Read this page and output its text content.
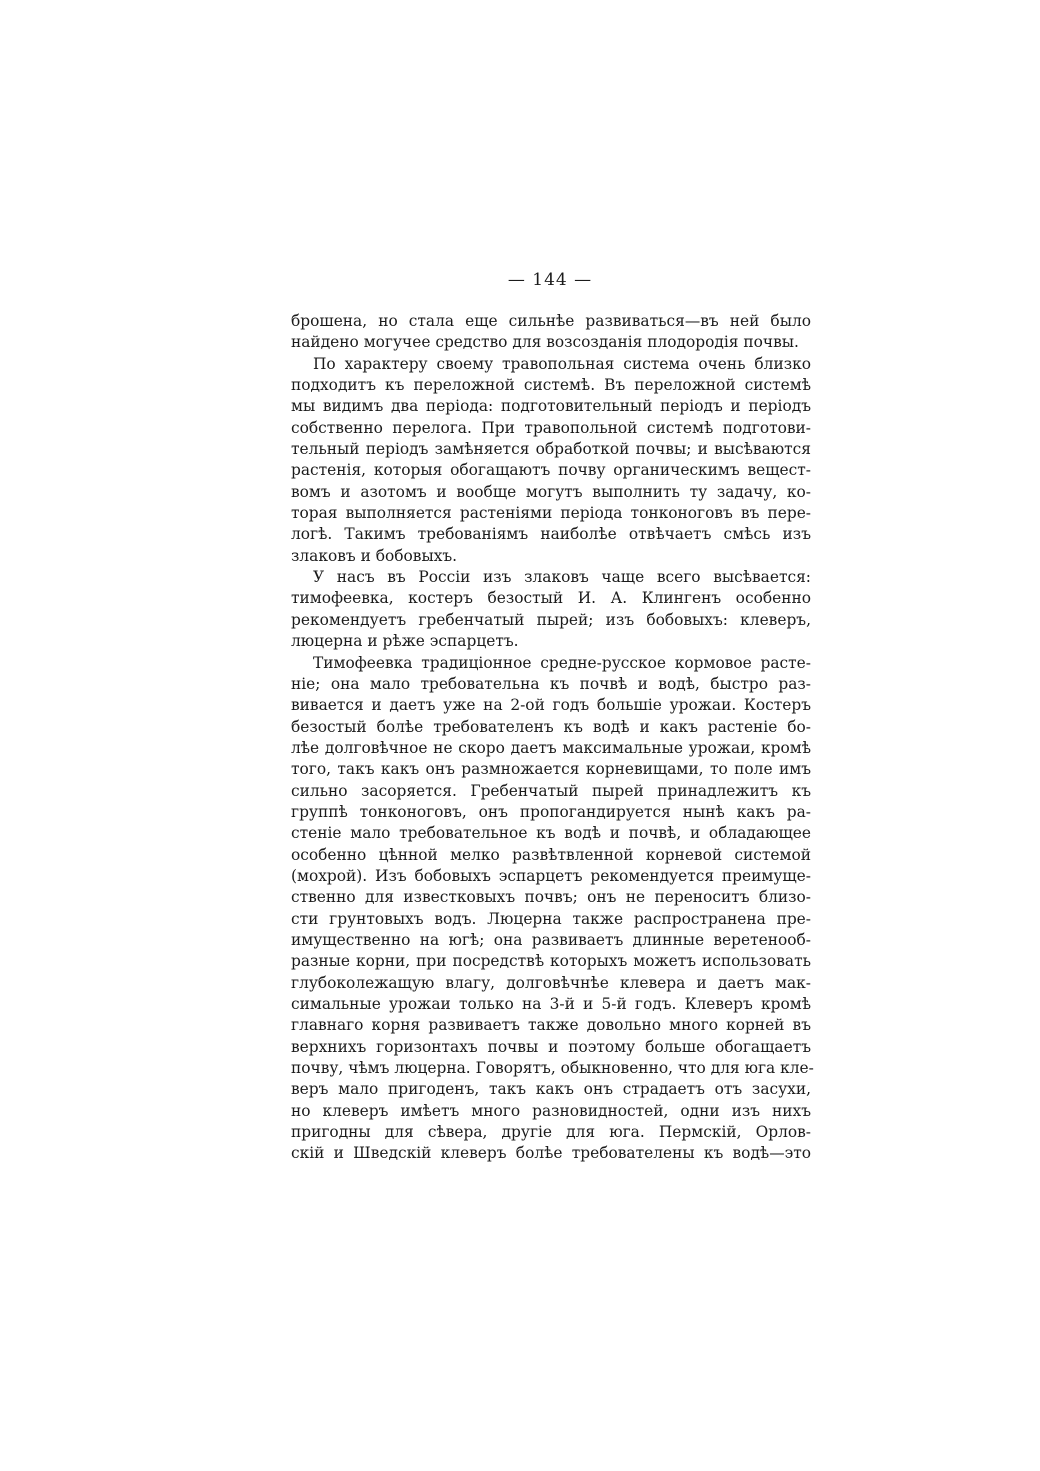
— 144 —
брошена, но стала еще сильнѣе развиваться—въ ней было
найдено могучее средство для возсозданія плодородія почвы.
По характеру своему травопольная система очень близко
подходитъ къ переложной системѣ. Въ переложной системѣ
мы видимъ два періода: подготовительный періодъ и періодъ
собственно перелога. При травопольной системѣ подготови-
тельный періодъ замѣняется обработкой почвы; и высѣваются
растенія, которыя обогащаютъ почву органическимъ вещест-
вомъ и азотомъ и вообще могутъ выполнить ту задачу, ко-
торая выполняется растеніями періода тонконоговъ въ пере-
логѣ. Такимъ требованіямъ наиболѣе отвѣчаетъ смѣсь изъ
злаковъ и бобовыхъ.
У насъ въ Россіи изъ злаковъ чаще всего высѣвается:
тимофеевка, костеръ безостый И. А. Клингенъ особенно
рекомендуетъ гребенчатый пырей; изъ бобовыхъ: клеверъ,
люцерна и рѣже эспарцетъ.
Тимофеевка традиціонное средне-русское кормовое расте-
ніе; она мало требовательна къ почвѣ и водѣ, быстро раз-
вивается и даетъ уже на 2-ой годъ большіе урожаи. Костеръ
безостый болѣе требователенъ къ водѣ и какъ растеніе бо-
лѣе долговѣчное не скоро даетъ максимальные урожаи, кромѣ
того, такъ какъ онъ размножается корневищами, то поле имъ
сильно засоряется. Гребенчатый пырей принадлежитъ къ
группѣ тонконоговъ, онъ пропогандируется нынѣ какъ ра-
стеніе мало требовательное къ водѣ и почвѣ, и обладающее
особенно цѣнной мелко развѣтвленной корневой системой
(мохрой). Изъ бобовыхъ эспарцетъ рекомендуется преимуще-
ственно для известковыхъ почвъ; онъ не переноситъ близо-
сти грунтовыхъ водъ. Люцерна также распространена пре-
имущественно на югѣ; она развиваетъ длинные веретенооб-
разные корни, при посредствѣ которыхъ можетъ использовать
глубоколежащую влагу, долговѣчнѣе клевера и даетъ мак-
симальные урожаи только на 3-й и 5-й годъ. Клеверъ кромѣ
главнаго корня развиваетъ также довольно много корней въ
верхнихъ горизонтахъ почвы и поэтому больше обогащаетъ
почву, чѣмъ люцерна. Говорятъ, обыкновенно, что для юга кле-
веръ мало пригоденъ, такъ какъ онъ страдаетъ отъ засухи,
но клеверъ имѣетъ много разновидностей, одни изъ нихъ
пригодны для сѣвера, другіе для юга. Пермскій, Орлов-
скій и Шведскій клеверъ болѣе требователены къ водѣ—это
